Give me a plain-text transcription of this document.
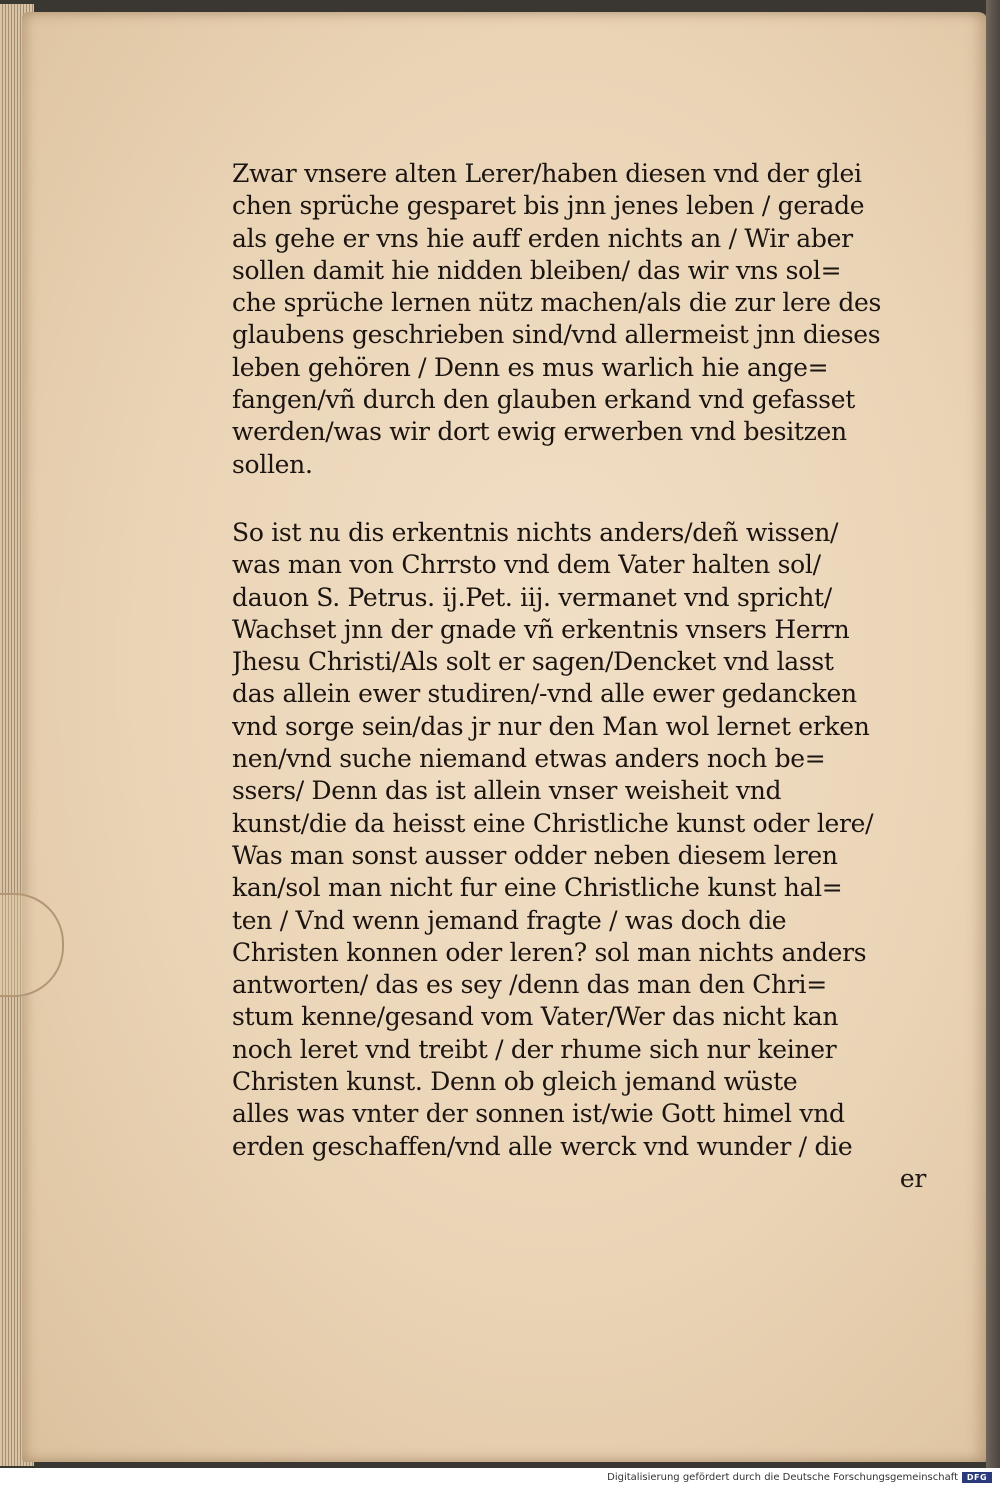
Zwar vnsere alten Lerer/haben diesen vnd der glei
chen sprüche gesparet bis jnn jenes leben / gerade
als gehe er vns hie auff erden nichts an / Wir aber
sollen damit hie nidden bleiben/ das wir vns sol=
che sprüche lernen nütz machen/als die zur lere des
glaubens geschrieben sind/vnd allermeist jnn dieses
leben gehören / Denn es mus warlich hie ange=
fangen/vñ durch den glauben erkand vnd gefasset
werden/was wir dort ewig erwerben vnd besitzen
sollen.

So ist nu dis erkentnis nichts anders/deñ wissen/
was man von Chrrsto vnd dem Vater halten sol/
dauon S. Petrus. ij.Pet. iij. vermanet vnd spricht/
Wachset jnn der gnade vñ erkentnis vnsers Herrn
Jhesu Christi/Als solt er sagen/Dencket vnd lasst
das allein ewer studiren/-vnd alle ewer gedancken
vnd sorge sein/das jr nur den Man wol lernet erken
nen/vnd suche niemand etwas anders noch be=
ssers/ Denn das ist allein vnser weisheit vnd
kunst/die da heisst eine Christliche kunst oder lere/
Was man sonst ausser odder neben diesem leren
kan/sol man nicht fur eine Christliche kunst hal=
ten / Vnd wenn jemand fragte / was doch die
Christen konnen oder leren? sol man nichts anders
antworten/ das es sey /denn das man den Chri=
stum kenne/gesand vom Vater/Wer das nicht kan
noch leret vnd treibt / der rhume sich nur keiner
Christen kunst. Denn ob gleich jemand wüste
alles was vnter der sonnen ist/wie Gott himel vnd
erden geschaffen/vnd alle werck vnd wunder / die

er
Digitalisierung gefördert durch die Deutsche Forschungsgemeinschaft	DFG
